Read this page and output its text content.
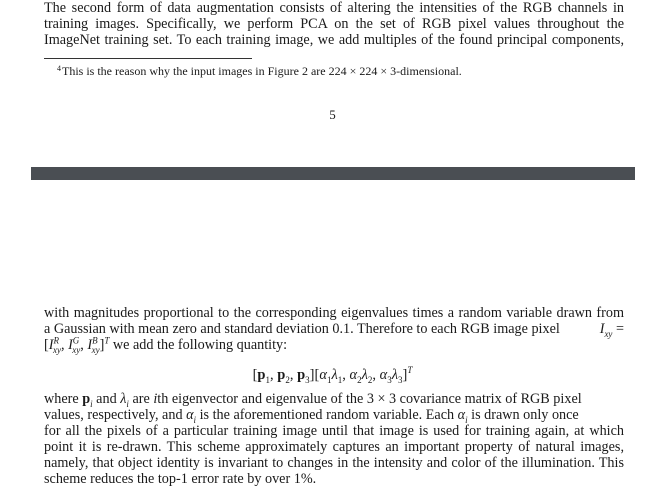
The second form of data augmentation consists of altering the intensities of the RGB channels in
training images. Specifically, we perform PCA on the set of RGB pixel values throughout the
ImageNet training set. To each training image, we add multiples of the found principal components,
$^4$This is the reason why the input images in Figure 2 are 224 × 224 × 3-dimensional.
5
with magnitudes proportional to the corresponding eigenvalues times a random variable drawn from
a Gaussian with mean zero and standard deviation 0.1. Therefore to each RGB image pixel	$I_{xy}$ =
[$I^R_{xy}$, $I^G_{xy}$, $I^B_{xy}]^T$ we add the following quantity:
[$p_1$, $p_2$, $p_3][\alpha_1\lambda_1$, $\alpha_2\lambda_2$, $\alpha_3\lambda_3]^T$
where $p_i$ and $\lambda_i$ are ith eigenvector and eigenvalue of the 3 × 3 covariance matrix of RGB pixel
values, respectively, and $\alpha_i$ is the aforementioned random variable. Each $\alpha_i$ is drawn only once
for all the pixels of a particular training image until that image is used for training again, at which
point it is re-drawn. This scheme approximately captures an important property of natural images,
namely, that object identity is invariant to changes in the intensity and color of the illumination. This
scheme reduces the top-1 error rate by over 1%.
